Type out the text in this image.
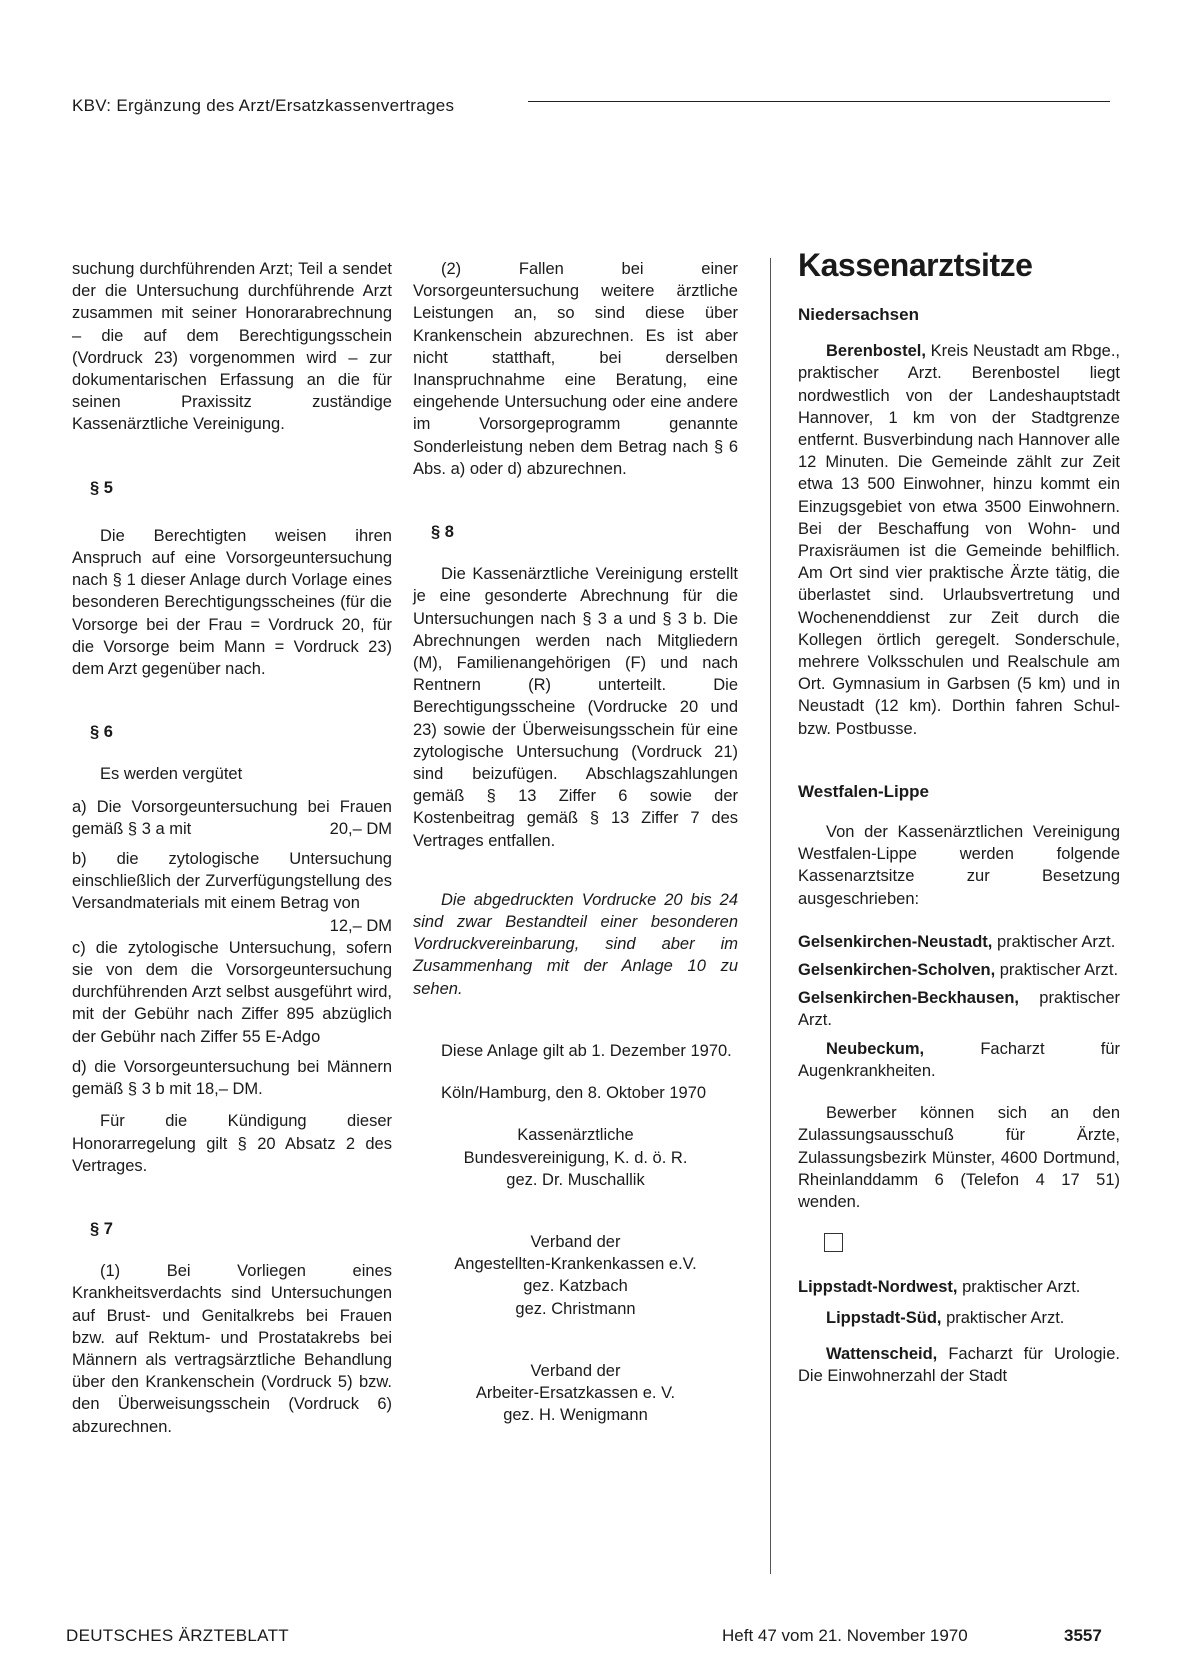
KBV: Ergänzung des Arzt/Ersatzkassenvertrages

suchung durchführenden Arzt; Teil a sendet der die Untersuchung durchführende Arzt zusammen mit seiner Honorarabrechnung – die auf dem Berechtigungsschein (Vordruck 23) vorgenommen wird – zur dokumentarischen Erfassung an die für seinen Praxissitz zuständige Kassenärztliche Vereinigung.

§ 5

Die Berechtigten weisen ihren Anspruch auf eine Vorsorgeuntersuchung nach § 1 dieser Anlage durch Vorlage eines besonderen Berechtigungsscheines (für die Vorsorge bei der Frau = Vordruck 20, für die Vorsorge beim Mann = Vordruck 23) dem Arzt gegenüber nach.

§ 6

Es werden vergütet

a) Die Vorsorgeuntersuchung bei Frauen gemäß § 3 a mit	20,– DM

b) die zytologische Untersuchung einschließlich der Zurverfügungstellung des Versandmaterials mit einem Betrag von
12,– DM

c) die zytologische Untersuchung, sofern sie von dem die Vorsorgeuntersuchung durchführenden Arzt selbst ausgeführt wird, mit der Gebühr nach Ziffer 895 abzüglich der Gebühr nach Ziffer 55 E-Adgo

d) die Vorsorgeuntersuchung bei Männern gemäß § 3 b mit 18,– DM.

Für die Kündigung dieser Honorarregelung gilt § 20 Absatz 2 des Vertrages.

§ 7

(1) Bei Vorliegen eines Krankheitsverdachts sind Untersuchungen auf Brust- und Genitalkrebs bei Frauen bzw. auf Rektum- und Prostatakrebs bei Männern als vertragsärztliche Behandlung über den Krankenschein (Vordruck 5) bzw. den Überweisungsschein (Vordruck 6) abzurechnen.

(2) Fallen bei einer Vorsorgeuntersuchung weitere ärztliche Leistungen an, so sind diese über Krankenschein abzurechnen. Es ist aber nicht statthaft, bei derselben Inanspruchnahme eine Beratung, eine eingehende Untersuchung oder eine andere im Vorsorgeprogramm genannte Sonderleistung neben dem Betrag nach § 6 Abs. a) oder d) abzurechnen.

§ 8

Die Kassenärztliche Vereinigung erstellt je eine gesonderte Abrechnung für die Untersuchungen nach § 3 a und § 3 b. Die Abrechnungen werden nach Mitgliedern (M), Familienangehörigen (F) und nach Rentnern (R) unterteilt. Die Berechtigungsscheine (Vordrucke 20 und 23) sowie der Überweisungsschein für eine zytologische Untersuchung (Vordruck 21) sind beizufügen. Abschlagszahlungen gemäß § 13 Ziffer 6 sowie der Kostenbeitrag gemäß § 13 Ziffer 7 des Vertrages entfallen.

Die abgedruckten Vordrucke 20 bis 24 sind zwar Bestandteil einer besonderen Vordruckvereinbarung, sind aber im Zusammenhang mit der Anlage 10 zu sehen.

Diese Anlage gilt ab 1. Dezember 1970.

Köln/Hamburg, den 8. Oktober 1970

Kassenärztliche

Bundesvereinigung, K. d. ö. R.

gez. Dr. Muschallik

Verband der

Angestellten-Krankenkassen e.V.

gez. Katzbach

gez. Christmann

Verband der

Arbeiter-Ersatzkassen e. V.

gez. H. Wenigmann

Kassenarztsitze

Niedersachsen

Berenbostel, Kreis Neustadt am Rbge., praktischer Arzt. Berenbostel liegt nordwestlich von der Landeshauptstadt Hannover, 1 km von der Stadtgrenze entfernt. Busverbindung nach Hannover alle 12 Minuten. Die Gemeinde zählt zur Zeit etwa 13 500 Einwohner, hinzu kommt ein Einzugsgebiet von etwa 3500 Einwohnern. Bei der Beschaffung von Wohn- und Praxisräumen ist die Gemeinde behilflich. Am Ort sind vier praktische Ärzte tätig, die überlastet sind. Urlaubsvertretung und Wochenenddienst zur Zeit durch die Kollegen örtlich geregelt. Sonderschule, mehrere Volksschulen und Realschule am Ort. Gymnasium in Garbsen (5 km) und in Neustadt (12 km). Dorthin fahren Schul- bzw. Postbusse.

Westfalen-Lippe

Von der Kassenärztlichen Vereinigung Westfalen-Lippe werden folgende Kassenarztsitze zur Besetzung ausgeschrieben:

Gelsenkirchen-Neustadt, praktischer Arzt.

Gelsenkirchen-Scholven, praktischer Arzt.

Gelsenkirchen-Beckhausen, praktischer Arzt.

Neubeckum,	Facharzt für Augenkrankheiten.

Bewerber können sich an den Zulassungsausschuß für Ärzte, Zulassungsbezirk Münster, 4600 Dortmund, Rheinlanddamm 6 (Telefon 4 17 51) wenden.

Lippstadt-Nordwest, praktischer Arzt.

Lippstadt-Süd, praktischer Arzt.

Wattenscheid, Facharzt für Urologie. Die Einwohnerzahl der Stadt

DEUTSCHES ÄRZTEBLATT	Heft 47 vom 21. November 1970	3557
